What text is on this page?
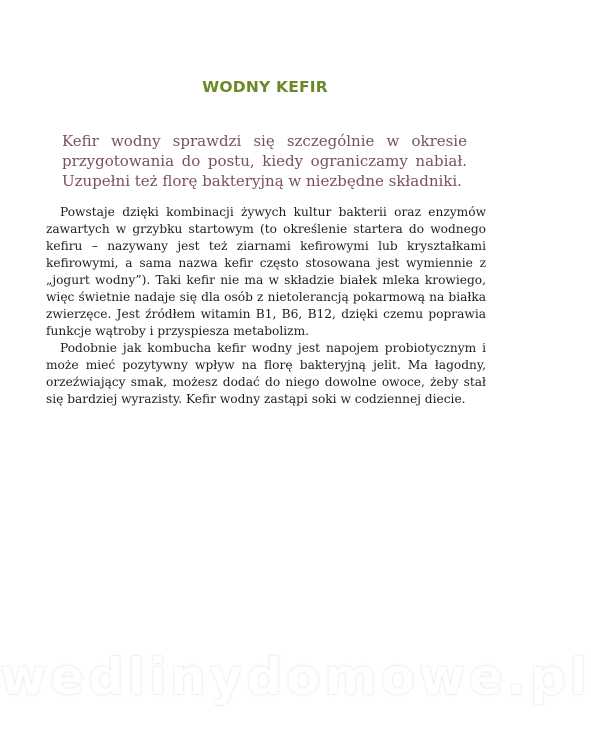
WODNY KEFIR
Kefir wodny sprawdzi się szczególnie w okresie przygotowania do postu, kiedy ograniczamy nabiał. Uzupełni też florę bakteryjną w niezbędne składniki.

Powstaje dzięki kombinacji żywych kultur bakterii oraz enzymów zawartych w grzybku startowym (to określenie startera do wodnego kefiru – nazywany jest też ziarnami kefirowymi lub kryształkami kefirowymi, a sama nazwa kefir często stosowana jest wymiennie z „jogurt wodny”). Taki kefir nie ma w składzie białek mleka krowiego, więc świetnie nadaje się dla osób z nietolerancją pokarmową na białka zwierzęce. Jest źródłem witamin B1, B6, B12, dzięki czemu poprawia funkcje wątroby i przyspiesza metabolizm.

Podobnie jak kombucha kefir wodny jest napojem probiotycznym i może mieć pozytywny wpływ na florę bakteryjną jelit. Ma łagodny, orzeźwiający smak, możesz dodać do niego dowolne owoce, żeby stał się bardziej wyrazisty. Kefir wodny zastąpi soki w codziennej diecie.

wedlinydomowe.pl
